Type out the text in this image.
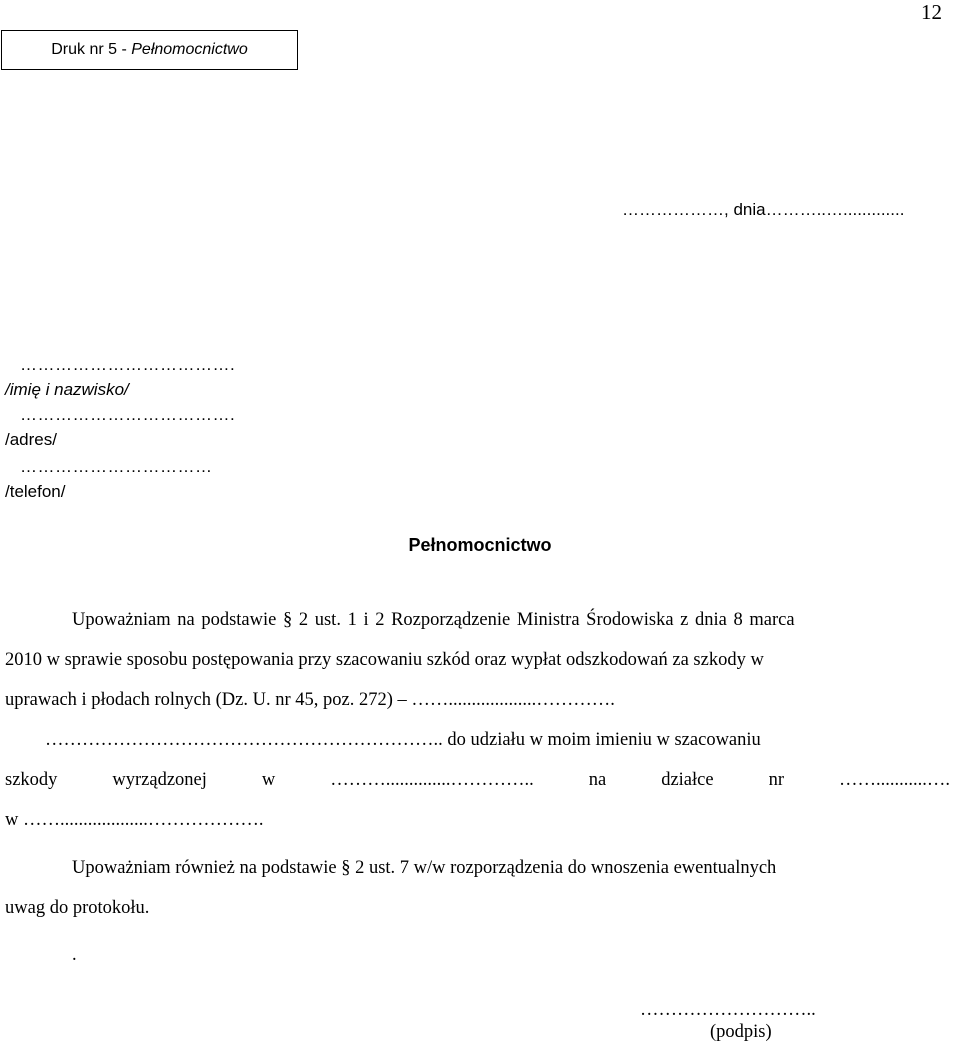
12
Druk nr 5 - Pełnomocnictwo
………………, dnia………..….............
……………………………….
/imię i nazwisko/
……………………………….
/adres/
……………………………
/telefon/
Pełnomocnictwo
Upoważniam na podstawie § 2 ust. 1 i 2 Rozporządzenie Ministra Środowiska z dnia 8 marca
2010 w sprawie sposobu postępowania przy szacowaniu szkód oraz wypłat odszkodowań za szkody w
uprawach i płodach rolnych (Dz. U. nr 45, poz. 272) – ……...................………….
……………………………………………………….. do udziału w moim imieniu w szacowaniu
szkody	wyrządzonej	w	………..............…………..	na	działce	nr	……...........….
w ……...................……………….
Upoważniam również na podstawie § 2 ust. 7 w/w rozporządzenia do wnoszenia ewentualnych
uwag do protokołu.
.
………………………..
(podpis)
